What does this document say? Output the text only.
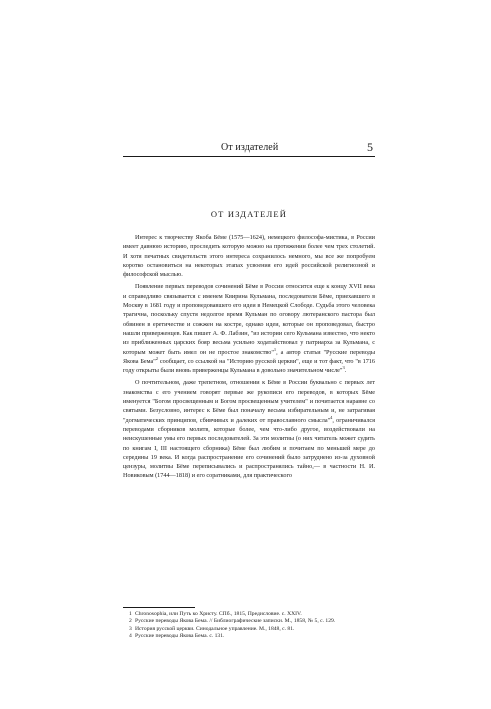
От издателей	5
ОТ ИЗДАТЕЛЕЙ

Интерес к творчеству Якоба Бёме (1575—1624), немецкого философа-мистика, в России имеет давнюю историю, проследить которую можно на протяжении более чем трех столетий. И хотя печатных свидетельств этого интереса сохранилось немного, мы все же попробуем коротко остановиться на некоторых этапах усвоения его идей российской религиозной и философской мыслью.

Появление первых переводов сочинений Бёме в России относится еще к концу XVII века и справедливо связывается с именем Квирина Кульмана, последователя Бёме, приехавшего в Москву в 1681 году и проповедовавшего его идеи в Немецкой Слободе. Судьба этого человека трагична, поскольку спустя недолгое время Кульман по оговору лютеранского пастора был обвинен в еретичестве и сожжен на костре, однако идеи, которые он проповедовал, быстро нашли приверженцев. Как пишет А. Ф. Лабзин, "из истории сего Кульмана известно, что некто из приближенных царских бояр весьма усильно ходатайствовал у патриарха за Кульмана, с которым может быть имел он не простое знакомство"$^1$, а автор статьи "Русские переводы Якова Бема"$^2$ сообщает, со ссылкой на "Историю русской церкви", еще и тот факт, что "в 1716 году открыты были вновь приверженцы Кульмана в довольно значительном числе"$^3$.

О почтительном, даже трепетном, отношении к Бёме в России буквально с первых лет знакомства с его учением говорят первые же рукописи его переводов, в которых Бёме именуется "Богом просвещенным и Богом просвещенным учителем" и почитается наравне со святыми. Безусловно, интерес к Бёме был поначалу весьма избирательным и, не затрагивая "догматических принципов, сбивчивых и далеких от православного смысла"$^4$, ограничивался переводами сборников молитв, которые более, чем что-либо другое, воздействовали на неискушенные умы его первых последователей. За эти молитвы (о них читатель может судить по книгам I, III настоящего сборника) Бёме был любим и почитаем по меньшей мере до середины 19 века. И когда распространение его сочинений было затруднено из-за духовной цензуры, молитвы Бёме переписывались и распространялись тайно,— в частности Н. И. Новиковым (1744—1818) и его соратниками, для практического

1 Chronosophia, или Путь ко Христу. СПб., 1815, Предисловие. с. XXIV.

2 Русские переводы Якова Бема. // Библиографические записки. М., 1858, № 5, с. 129.

3 История русской церкви. Синодальное управление. М., 1848, с. 81.

4 Русские переводы Якова Бема. с. 131.
